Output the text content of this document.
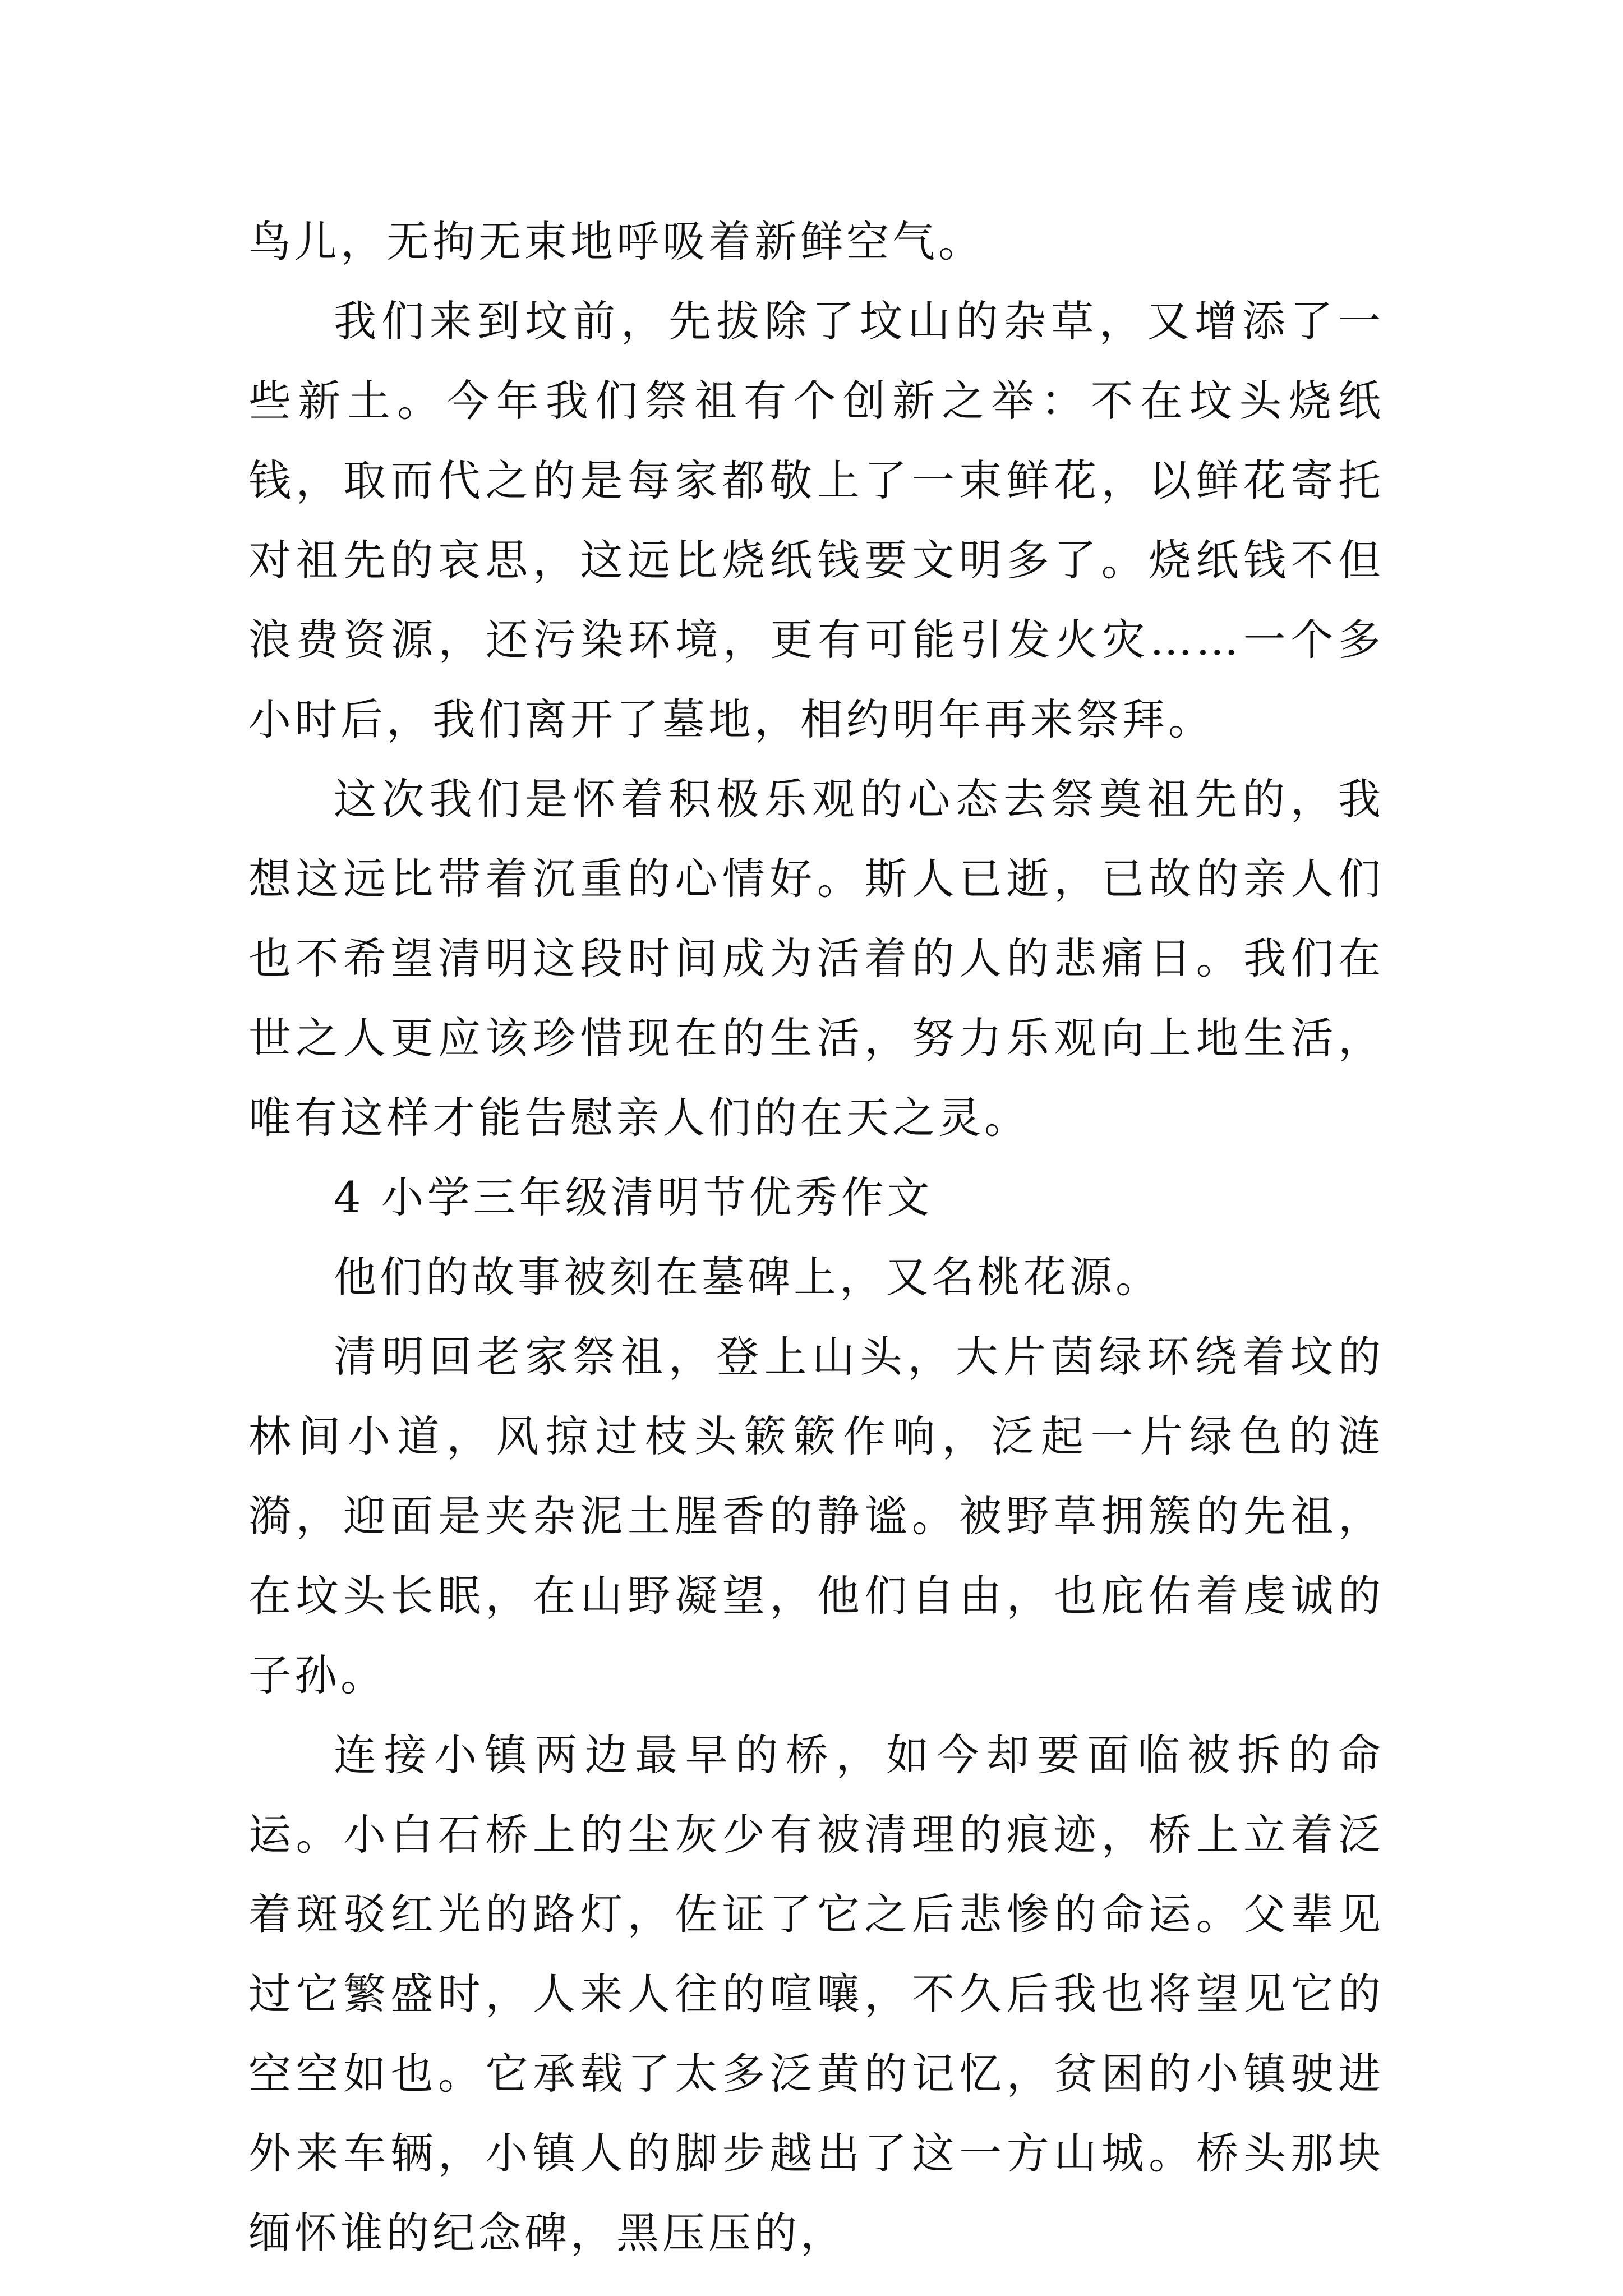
鸟儿，无拘无束地呼吸着新鲜空气。

我们来到坟前，先拔除了坟山的杂草，又增添了一些新土。今年我们祭祖有个创新之举：不在坟头烧纸钱，取而代之的是每家都敬上了一束鲜花，以鲜花寄托对祖先的哀思，这远比烧纸钱要文明多了。烧纸钱不但浪费资源，还污染环境，更有可能引发火灾……一个多小时后，我们离开了墓地，相约明年再来祭拜。

这次我们是怀着积极乐观的心态去祭奠祖先的，我想这远比带着沉重的心情好。斯人已逝，已故的亲人们也不希望清明这段时间成为活着的人的悲痛日。我们在世之人更应该珍惜现在的生活，努力乐观向上地生活，唯有这样才能告慰亲人们的在天之灵。

4 小学三年级清明节优秀作文

他们的故事被刻在墓碑上，又名桃花源。

清明回老家祭祖，登上山头，大片茵绿环绕着坟的林间小道，风掠过枝头簌簌作响，泛起一片绿色的涟漪，迎面是夹杂泥土腥香的静谧。被野草拥簇的先祖，在坟头长眠，在山野凝望，他们自由，也庇佑着虔诚的子孙。

连接小镇两边最早的桥，如今却要面临被拆的命运。小白石桥上的尘灰少有被清理的痕迹，桥上立着泛着斑驳红光的路灯，佐证了它之后悲惨的命运。父辈见过它繁盛时，人来人往的喧嚷，不久后我也将望见它的空空如也。它承载了太多泛黄的记忆，贫困的小镇驶进外来车辆，小镇人的脚步越出了这一方山城。桥头那块缅怀谁的纪念碑，黑压压的，
